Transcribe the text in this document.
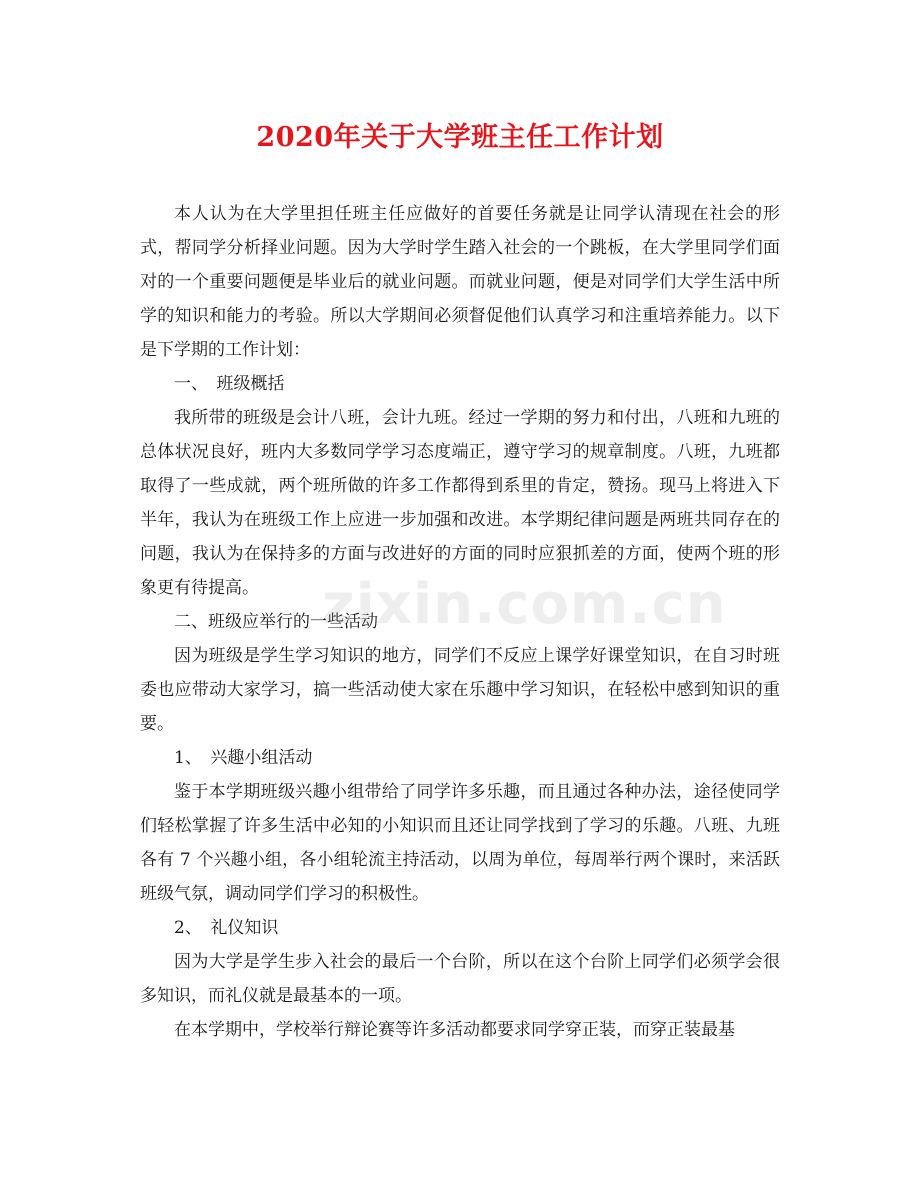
2020年关于大学班主任工作计划

本人认为在大学里担任班主任应做好的首要任务就是让同学认清现在社会的形式，帮同学分析择业问题。因为大学时学生踏入社会的一个跳板，在大学里同学们面对的一个重要问题便是毕业后的就业问题。而就业问题，便是对同学们大学生活中所学的知识和能力的考验。所以大学期间必须督促他们认真学习和注重培养能力。以下是下学期的工作计划：

一、　班级概括

我所带的班级是会计八班，会计九班。经过一学期的努力和付出，八班和九班的总体状况良好，班内大多数同学学习态度端正，遵守学习的规章制度。八班，九班都取得了一些成就，两个班所做的许多工作都得到系里的肯定，赞扬。现马上将进入下半年，我认为在班级工作上应进一步加强和改进。本学期纪律问题是两班共同存在的问题，我认为在保持多的方面与改进好的方面的同时应狠抓差的方面，使两个班的形象更有待提高。

二、班级应举行的一些活动

因为班级是学生学习知识的地方，同学们不反应上课学好课堂知识，在自习时班委也应带动大家学习，搞一些活动使大家在乐趣中学习知识，在轻松中感到知识的重要。

1、　兴趣小组活动

鉴于本学期班级兴趣小组带给了同学许多乐趣，而且通过各种办法，途径使同学们轻松掌握了许多生活中必知的小知识而且还让同学找到了学习的乐趣。八班、九班各有 7 个兴趣小组，各小组轮流主持活动，以周为单位，每周举行两个课时，来活跃班级气氛，调动同学们学习的积极性。

2、　礼仪知识

因为大学是学生步入社会的最后一个台阶，所以在这个台阶上同学们必须学会很多知识，而礼仪就是最基本的一项。

在本学期中，学校举行辩论赛等许多活动都要求同学穿正装，而穿正装最基

zixin.com.cn
